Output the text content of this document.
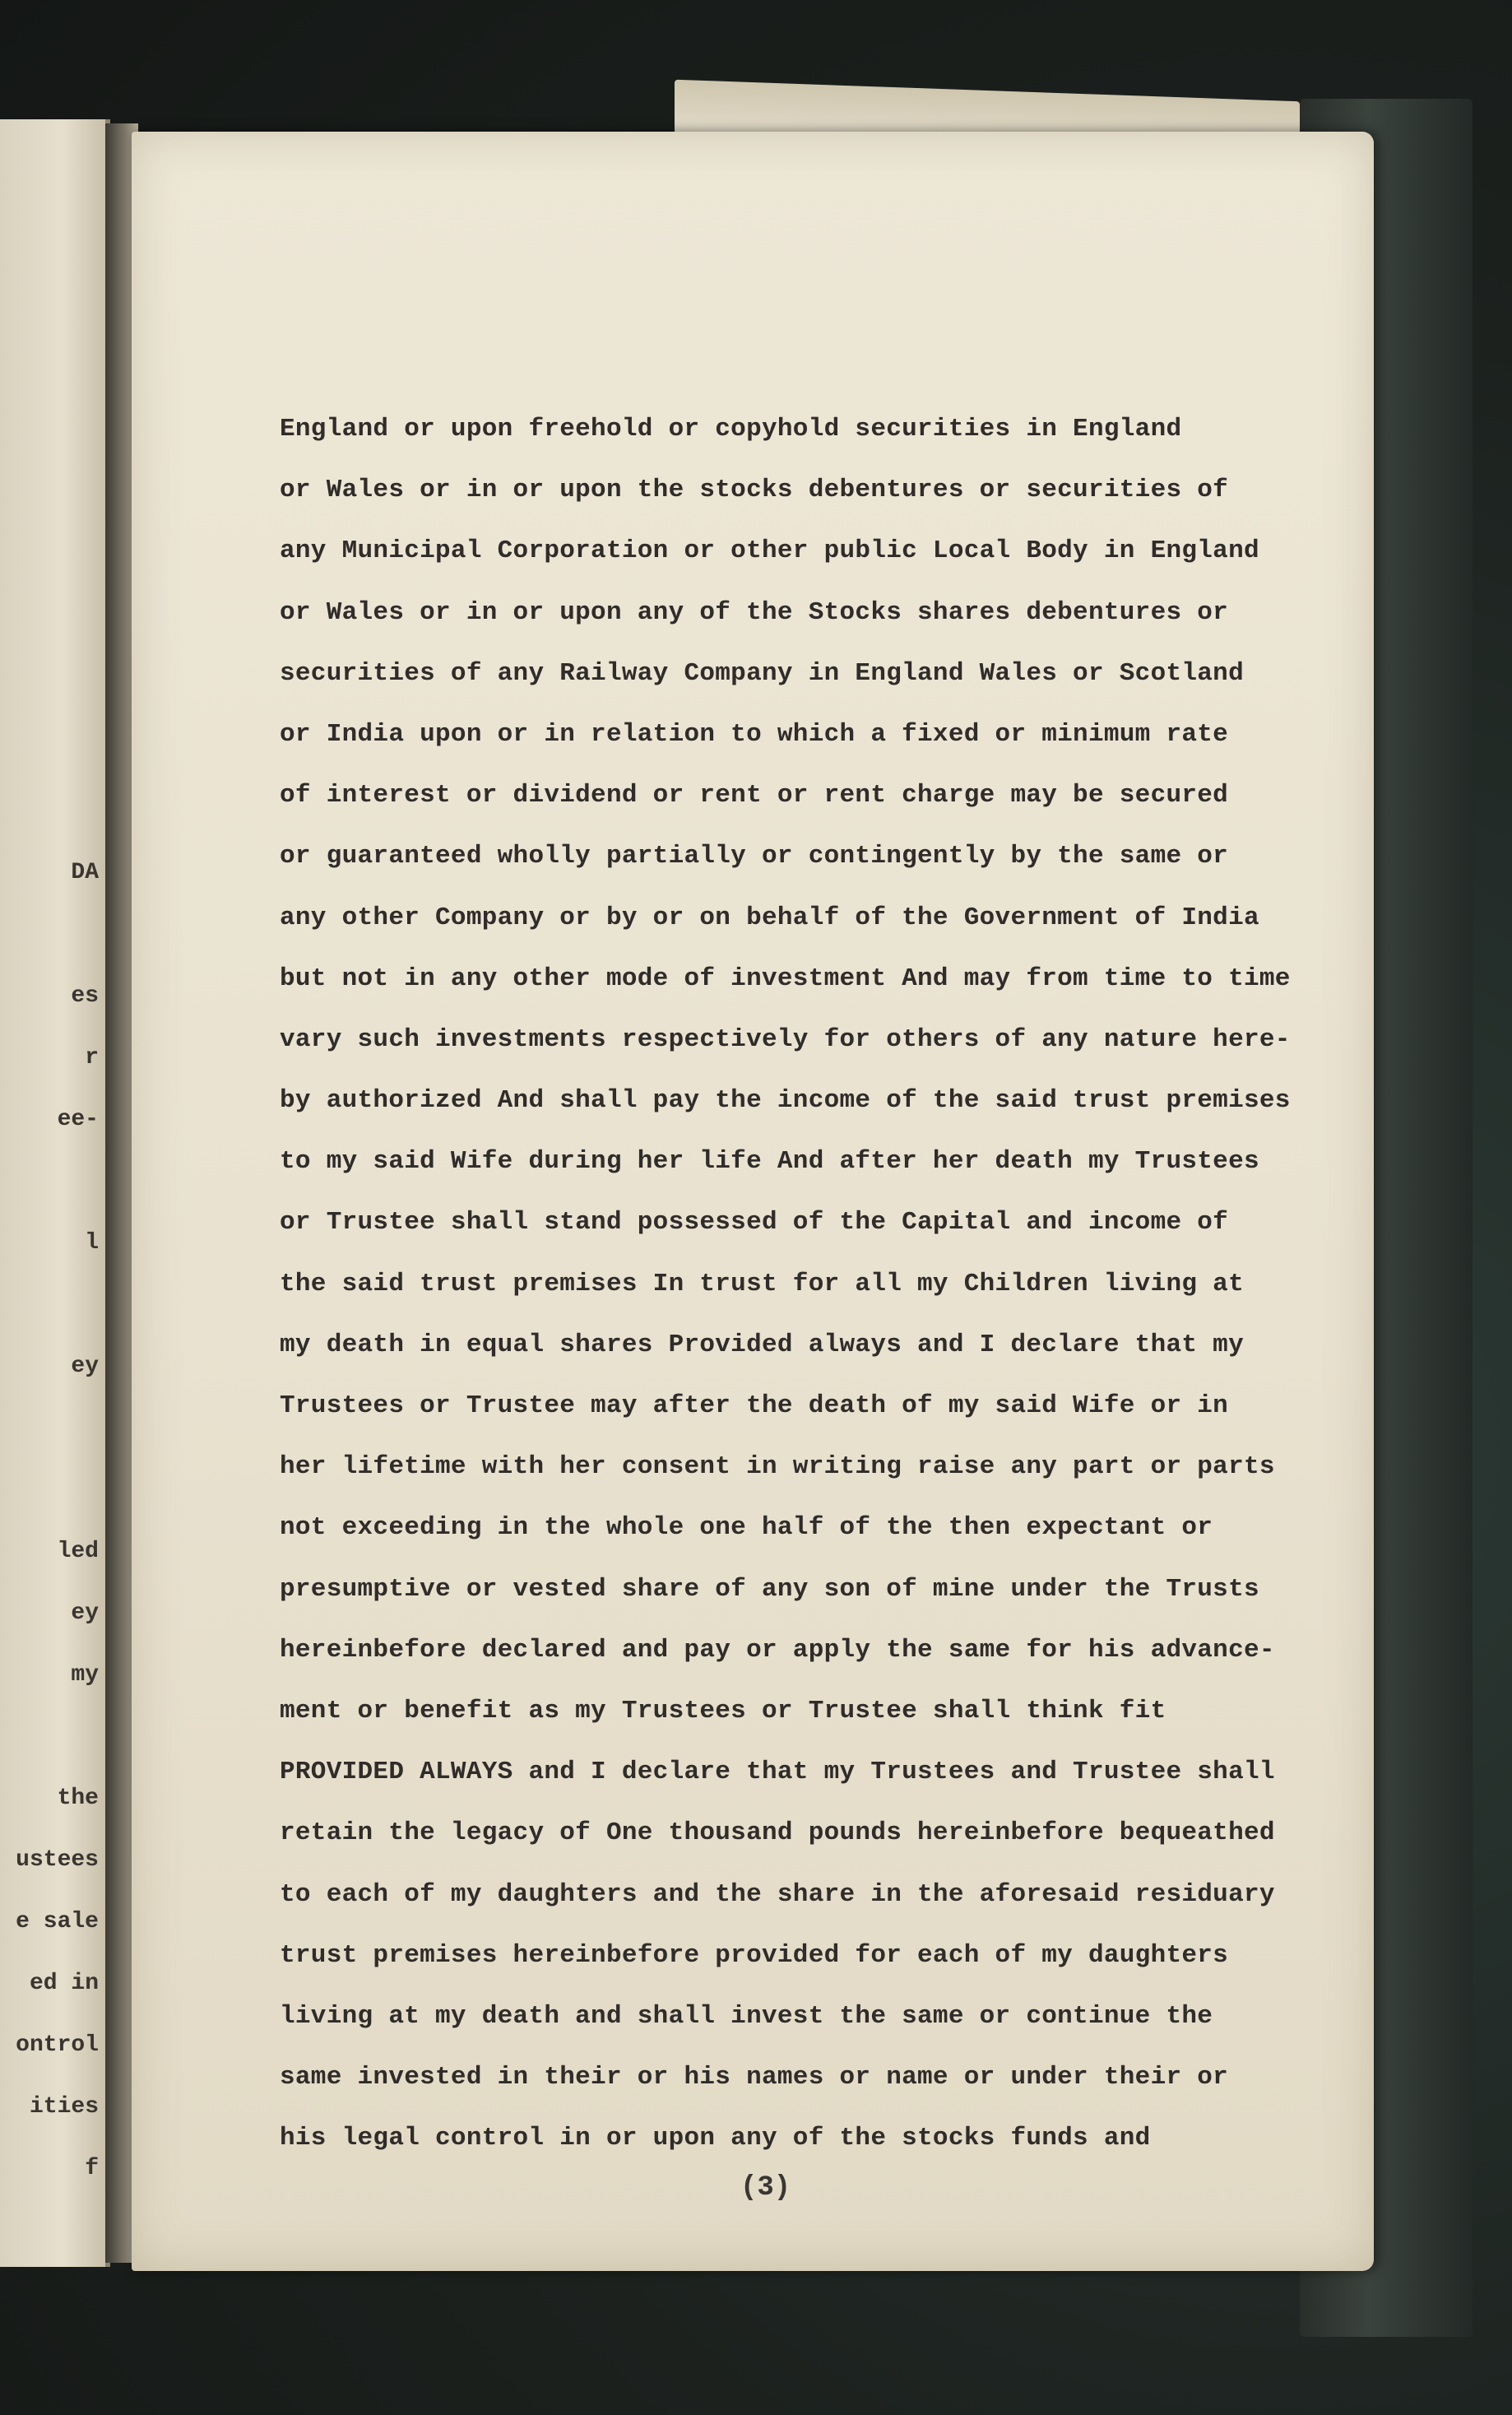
DA
es
r
ee-
l
ey
led
ey
my
the
ustees
e sale
ed in
ontrol
ities
f
England or upon freehold or copyhold securities in England
or Wales or in or upon the stocks debentures or securities of
any Municipal Corporation or other public Local Body in England
or Wales or in or upon any of the Stocks shares debentures or
securities of any Railway Company in England Wales or Scotland
or India upon or in relation to which a fixed or minimum rate
of interest or dividend or rent or rent charge may be secured
or guaranteed wholly partially or contingently by the same or
any other Company or by or on behalf of the Government of India
but not in any other mode of investment And may from time to time
vary such investments respectively for others of any nature here-
by authorized And shall pay the income of the said trust premises
to my said Wife during her life And after her death my Trustees
or Trustee shall stand possessed of the Capital and income of
the said trust premises In trust for all my Children living at
my death in equal shares Provided always and I declare that my
Trustees or Trustee may after the death of my said Wife or in
her lifetime with her consent in writing raise any part or parts
not exceeding in the whole one half of the then expectant or
presumptive or vested share of any son of mine under the Trusts
hereinbefore declared and pay or apply the same for his advance-
ment or benefit as my Trustees or Trustee shall think fit
PROVIDED ALWAYS and I declare that my Trustees and Trustee shall
retain the legacy of One thousand pounds hereinbefore bequeathed
to each of my daughters and the share in the aforesaid residuary
trust premises hereinbefore provided for each of my daughters
living at my death and shall invest the same or continue the
same invested in their or his names or name or under their or
his legal control in or upon any of the stocks funds and
(3)
